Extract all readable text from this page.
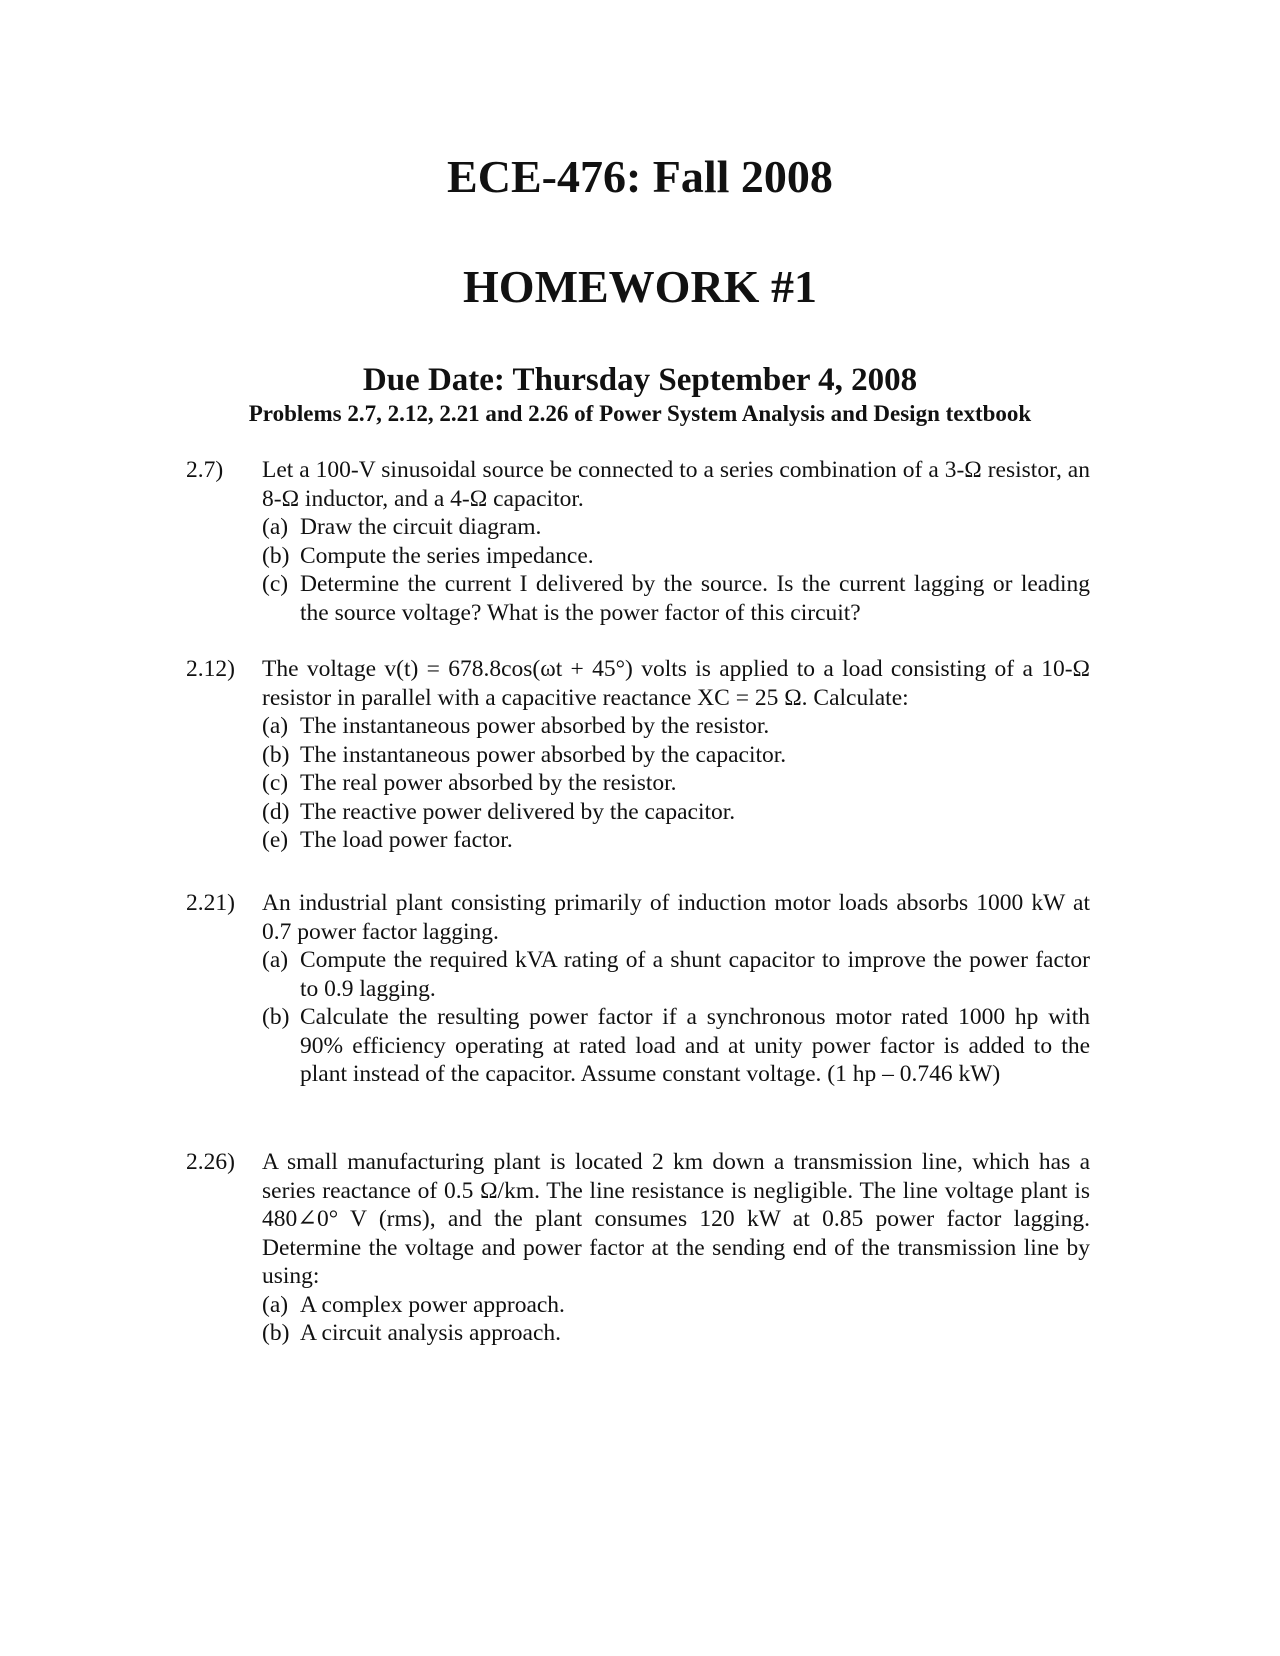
ECE-476: Fall 2008
HOMEWORK #1
Due Date: Thursday September 4, 2008
Problems 2.7, 2.12, 2.21 and 2.26 of Power System Analysis and Design textbook
2.7) Let a 100-V sinusoidal source be connected to a series combination of a 3-Ω resistor, an 8-Ω inductor, and a 4-Ω capacitor.

(a) Draw the circuit diagram.
(b) Compute the series impedance.
(c) Determine the current I delivered by the source. Is the current lagging or leading the source voltage? What is the power factor of this circuit?
2.12) The voltage v(t) = 678.8cos(ωt + 45°) volts is applied to a load consisting of a 10-Ω resistor in parallel with a capacitive reactance XC = 25 Ω. Calculate:

(a) The instantaneous power absorbed by the resistor.
(b) The instantaneous power absorbed by the capacitor.
(c) The real power absorbed by the resistor.
(d) The reactive power delivered by the capacitor.
(e) The load power factor.
2.21) An industrial plant consisting primarily of induction motor loads absorbs 1000 kW at 0.7 power factor lagging.

(a) Compute the required kVA rating of a shunt capacitor to improve the power factor to 0.9 lagging.
(b) Calculate the resulting power factor if a synchronous motor rated 1000 hp with 90% efficiency operating at rated load and at unity power factor is added to the plant instead of the capacitor. Assume constant voltage. (1 hp – 0.746 kW)
2.26) A small manufacturing plant is located 2 km down a transmission line, which has a series reactance of 0.5 Ω/km. The line resistance is negligible. The line voltage plant is 480∠0° V (rms), and the plant consumes 120 kW at 0.85 power factor lagging. Determine the voltage and power factor at the sending end of the transmission line by using:

(a) A complex power approach.
(b) A circuit analysis approach.
